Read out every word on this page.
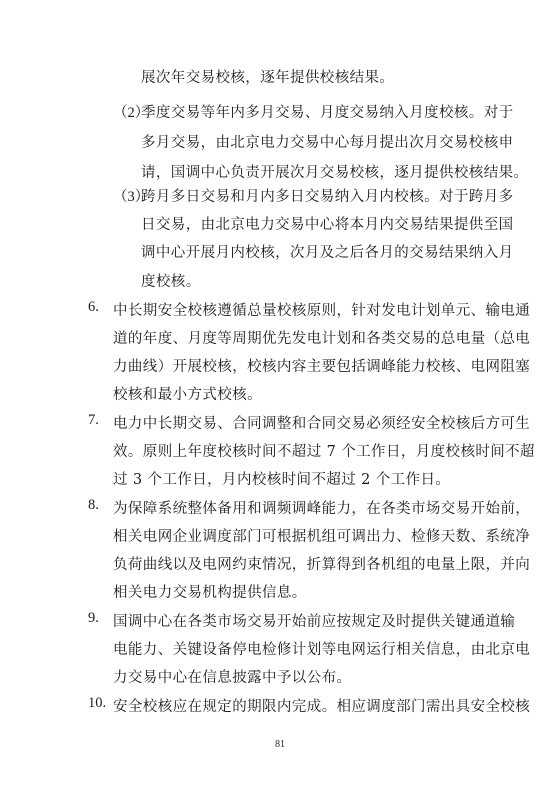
展次年交易校核，逐年提供校核结果。
（2）
季度交易等年内多月交易、月度交易纳入月度校核。对于
多月交易，由北京电力交易中心每月提出次月交易校核申
请，国调中心负责开展次月交易校核，逐月提供校核结果。
（3）
跨月多日交易和月内多日交易纳入月内校核。对于跨月多
日交易，由北京电力交易中心将本月内交易结果提供至国
调中心开展月内校核，次月及之后各月的交易结果纳入月
度校核。
6. 中长期安全校核遵循总量校核原则，针对发电计划单元、输电通
道的年度、月度等周期优先发电计划和各类交易的总电量（总电
力曲线）开展校核，校核内容主要包括调峰能力校核、电网阻塞
校核和最小方式校核。
7. 电力中长期交易、合同调整和合同交易必须经安全校核后方可生
效。原则上年度校核时间不超过 7 个工作日，月度校核时间不超
过 3 个工作日，月内校核时间不超过 2 个工作日。
8. 为保障系统整体备用和调频调峰能力，在各类市场交易开始前，
相关电网企业调度部门可根据机组可调出力、检修天数、系统净
负荷曲线以及电网约束情况，折算得到各机组的电量上限，并向
相关电力交易机构提供信息。
9. 国调中心在各类市场交易开始前应按规定及时提供关键通道输
电能力、关键设备停电检修计划等电网运行相关信息，由北京电
力交易中心在信息披露中予以公布。
10. 安全校核应在规定的期限内完成。相应调度部门需出具安全校核
81
